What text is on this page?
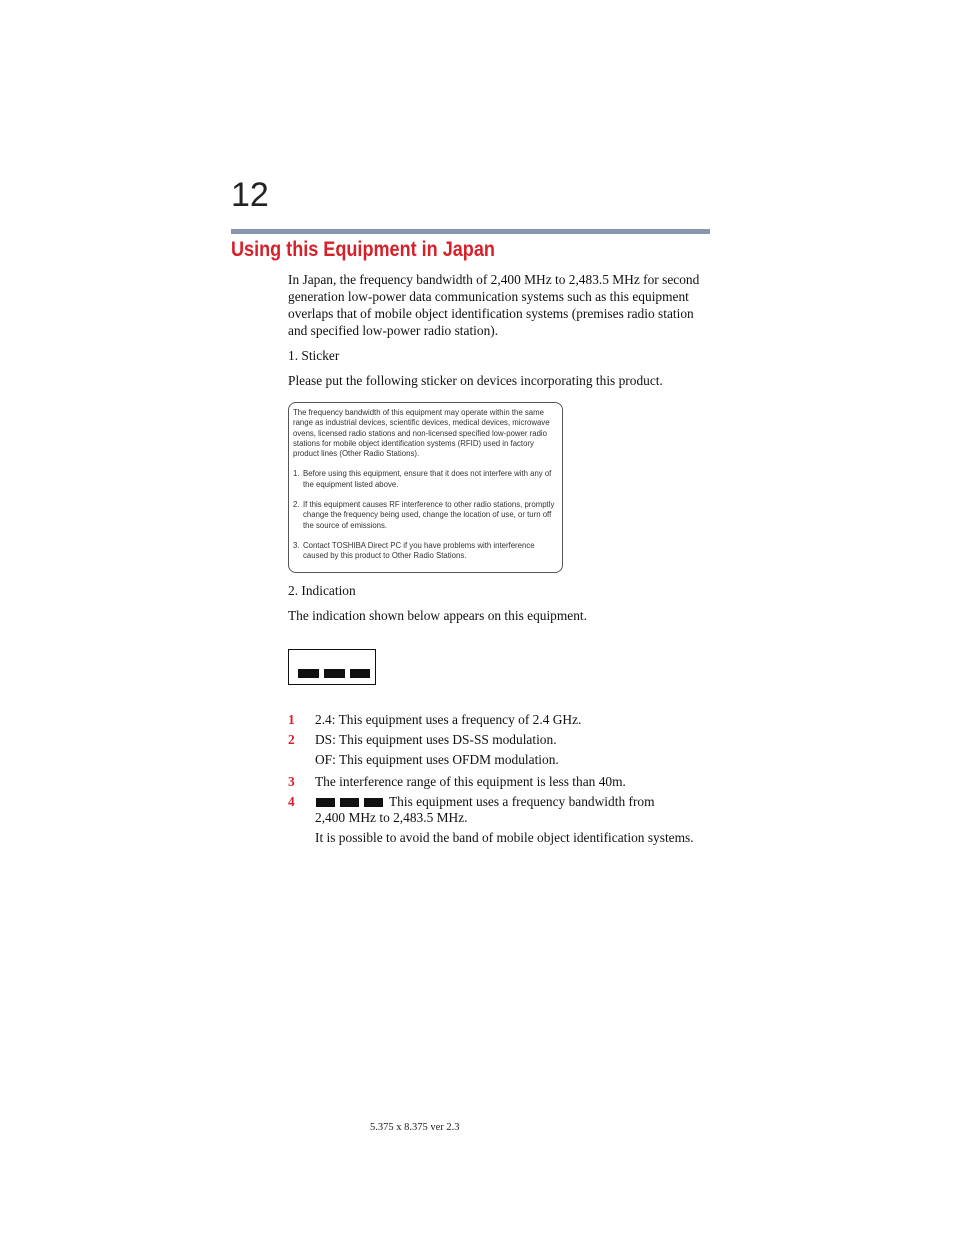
12
Using this Equipment in Japan

In Japan, the frequency bandwidth of 2,400 MHz to 2,483.5 MHz for second generation low-power data communication systems such as this equipment overlaps that of mobile object identification systems (premises radio station and specified low-power radio station).

1. Sticker

Please put the following sticker on devices incorporating this product.

The frequency bandwidth of this equipment may operate within the same range as industrial devices, scientific devices, medical devices, microwave ovens, licensed radio stations and non-licensed specified low-power radio stations for mobile object identification systems (RFID) used in factory product lines (Other Radio Stations).

1. Before using this equipment, ensure that it does not interfere with any of the equipment listed above.
2. If this equipment causes RF interference to other radio stations, promptly change the frequency being used, change the location of use, or turn off the source of emissions.
3. Contact TOSHIBA Direct PC if you have problems with interference caused by this product to Other Radio Stations.

2. Indication

The indication shown below appears on this equipment.

1 2.4: This equipment uses a frequency of 2.4 GHz.

2 DS: This equipment uses DS-SS modulation.

OF: This equipment uses OFDM modulation.

3 The interference range of this equipment is less than 40m.

4	This equipment uses a frequency bandwidth from 2,400 MHz to 2,483.5 MHz.

It is possible to avoid the band of mobile object identification systems.

5.375 x 8.375 ver 2.3
